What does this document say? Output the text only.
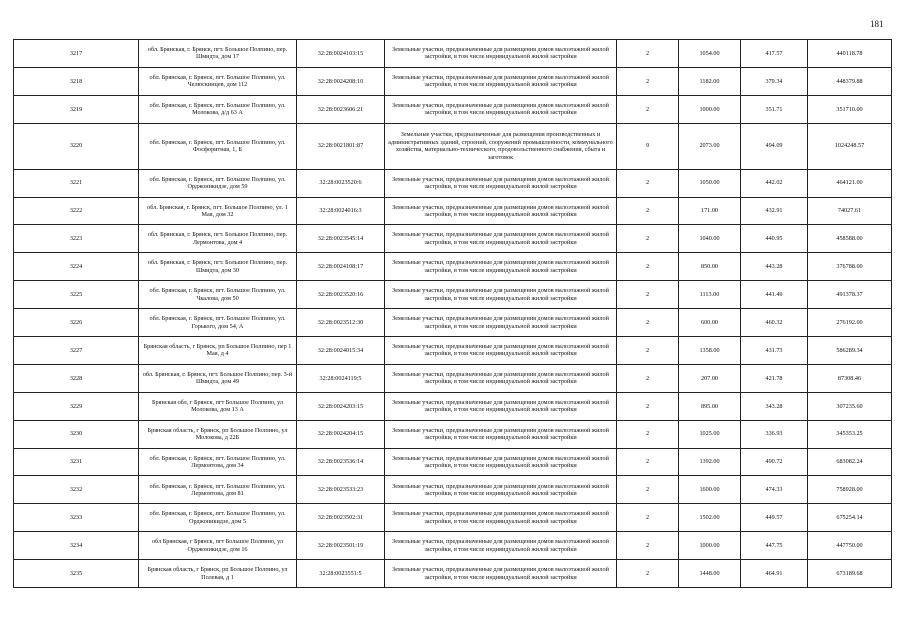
181
3217	обл. Брянская, г. Брянск, пгт. Большое Полпино, пер. Шмидта, дом 17	32:28:0024103:15	Земельные участки, предназначенные для размещения домов малоэтажной жилой застройки, в том числе индивидуальной жилой застройки	2	1054.00	417.57	440118.78
3218	обл. Брянская, г. Брянск, пгт. Большое Полпино, ул. Челюскинцев, дом 112	32:28:0024208:10	Земельные участки, предназначенные для размещения домов малоэтажной жилой застройки, в том числе индивидуальной жилой застройки	2	1182.00	379.34	448379.88
3219	обл. Брянская, г. Брянск, пгт. Большое Полпино, ул. Молокова, д/д 63 А	32:28:0023606:21	Земельные участки, предназначенные для размещения домов малоэтажной жилой застройки, в том числе индивидуальной жилой застройки	2	1000.00	351.71	351710.00
3220	обл. Брянская, г. Брянск, пгт. Большое Полпино, ул. Фосфоритная, 1, Б	32:28:0021801:87	Земельные участки, предназначенные для размещения производственных и административных зданий, строений, сооружений промышленности, коммунального хозяйства, материально-технического, продовольственного снабжения, сбыта и заготовок	9	2073.00	494.09	1024248.57
3221	обл. Брянская, г. Брянск, пгт. Большое Полпино, ул. Орджоникидзе, дом 59	32:28:0023520:6	Земельные участки, предназначенные для размещения домов малоэтажной жилой застройки, в том числе индивидуальной жилой застройки	2	1050.00	442.02	464121.00
3222	обл. Брянская, г. Брянск, пгт. Большое Полпино, ул. 1 Мая, дом 32	32:28:0024016:3	Земельные участки, предназначенные для размещения домов малоэтажной жилой застройки, в том числе индивидуальной жилой застройки	2	171.00	432.91	74027.61
3223	обл. Брянская, г. Брянск, пгт. Большое Полпино, пер. Лермонтова, дом 4	32:28:0023545:14	Земельные участки, предназначенные для размещения домов малоэтажной жилой застройки, в том числе индивидуальной жилой застройки	2	1040.00	440.95	458588.00
3224	обл. Брянская, г. Брянск, пгт. Большое Полпино, пер. Шмидта, дом 30	32:28:0024108:17	Земельные участки, предназначенные для размещения домов малоэтажной жилой застройки, в том числе индивидуальной жилой застройки	2	850.00	443.28	376788.00
3225	обл. Брянская, г. Брянск, пгт. Большое Полпино, ул. Чкалова, дом 50	32:28:0023520:16	Земельные участки, предназначенные для размещения домов малоэтажной жилой застройки, в том числе индивидуальной жилой застройки	2	1113.00	441.49	491378.37
3226	обл. Брянская, г. Брянск, пгт. Большое Полпино, ул. Горького, дом 54, А	32:28:0023512:30	Земельные участки, предназначенные для размещения домов малоэтажной жилой застройки, в том числе индивидуальной жилой застройки	2	600.00	460.32	276192.00
3227	Брянская область, г Брянск, рп Большое Полпино, пер 1 Мая, д 4	32:28:0024015:34	Земельные участки, предназначенные для размещения домов малоэтажной жилой застройки, в том числе индивидуальной жилой застройки	2	1358.00	431.73	586289.34
3228	обл. Брянская, г. Брянск, пгт. Большое Полпино, пер. 3-й Шмидта, дом 49	32:28:0024119:5	Земельные участки, предназначенные для размещения домов малоэтажной жилой застройки, в том числе индивидуальной жилой застройки	2	207.00	421.78	87308.46
3229	Брянская обл, г Брянск, пгт Большое Полпино, ул Молокова, дом 13 А	32:28:0024203:15	Земельные участки, предназначенные для размещения домов малоэтажной жилой застройки, в том числе индивидуальной жилой застройки	2	895.00	343.28	307235.60
3230	Брянская область, г Брянск, рп Большое Полпино, ул Молокова, д 22Б	32:28:0024204:15	Земельные участки, предназначенные для размещения домов малоэтажной жилой застройки, в том числе индивидуальной жилой застройки	2	1025.00	336.93	345353.25
3231	обл. Брянская, г. Брянск, пгт. Большое Полпино, ул. Лермонтова, дом 34	32:28:0023536:14	Земельные участки, предназначенные для размещения домов малоэтажной жилой застройки, в том числе индивидуальной жилой застройки	2	1392.00	490.72	683082.24
3232	обл. Брянская, г. Брянск, пгт. Большое Полпино, ул. Лермонтова, дом 81	32:28:0023533:23	Земельные участки, предназначенные для размещения домов малоэтажной жилой застройки, в том числе индивидуальной жилой застройки	2	1600.00	474.33	758928.00
3233	обл. Брянская, г. Брянск, пгт. Большое Полпино, ул. Орджоникидзе, дом 5	32:28:0023502:31	Земельные участки, предназначенные для размещения домов малоэтажной жилой застройки, в том числе индивидуальной жилой застройки	2	1502.00	449.57	675254.14
3234	обл Брянская, г Брянск, пгт Большое Полпино, ул Орджоникидзе, дом 16	32:28:0023501:19	Земельные участки, предназначенные для размещения домов малоэтажной жилой застройки, в том числе индивидуальной жилой застройки	2	1000.00	447.75	447750.00
3235	Брянская область, г Брянск, рп Большое Полпино, ул Полевая, д 1	32:28:0023551:5	Земельные участки, предназначенные для размещения домов малоэтажной жилой застройки, в том числе индивидуальной жилой застройки	2	1448.00	464.91	673189.68
